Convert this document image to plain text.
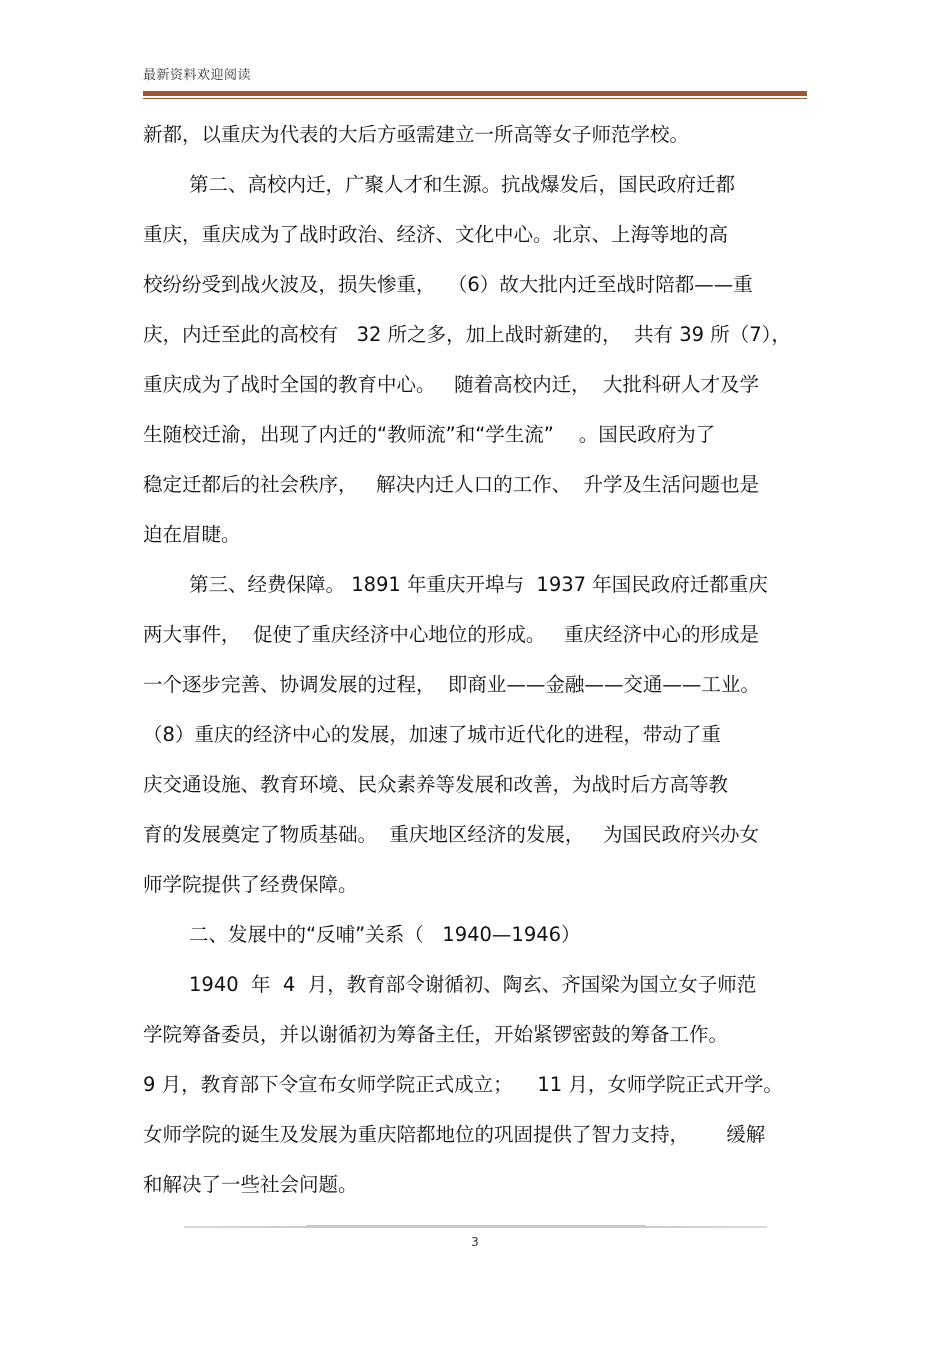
最新资料欢迎阅读
新都，以重庆为代表的大后方亟需建立一所高等女子师范学校。
第二、高校内迁，广聚人才和生源。抗战爆发后，国民政府迁都
重庆，重庆成为了战时政治、经济、文化中心。北京、上海等地的高
校纷纷受到战火波及，损失惨重，  （6）故大批内迁至战时陪都——重
庆，内迁至此的高校有   32 所之多，加上战时新建的，  共有 39 所（7），
重庆成为了战时全国的教育中心。   随着高校内迁，  大批科研人才及学
生随校迁渝，出现了内迁的“教师流”和“学生流”    。国民政府为了
稳定迁都后的社会秩序，   解决内迁人口的工作、  升学及生活问题也是
迫在眉睫。
第三、经费保障。 1891 年重庆开埠与  1937 年国民政府迁都重庆
两大事件，  促使了重庆经济中心地位的形成。   重庆经济中心的形成是
一个逐步完善、协调发展的过程，  即商业——金融——交通——工业。
（8）重庆的经济中心的发展，加速了城市近代化的进程，带动了重
庆交通设施、教育环境、民众素养等发展和改善，为战时后方高等教
育的发展奠定了物质基础。  重庆地区经济的发展，   为国民政府兴办女
师学院提供了经费保障。
二、发展中的“反哺”关系（   1940—1946）
1940  年  4  月，教育部令谢循初、陶玄、齐国梁为国立女子师范
学院筹备委员，并以谢循初为筹备主任，开始紧锣密鼓的筹备工作。
9 月，教育部下令宣布女师学院正式成立；    11 月，女师学院正式开学。
女师学院的诞生及发展为重庆陪都地位的巩固提供了智力支持，      缓解
和解决了一些社会问题。
3
